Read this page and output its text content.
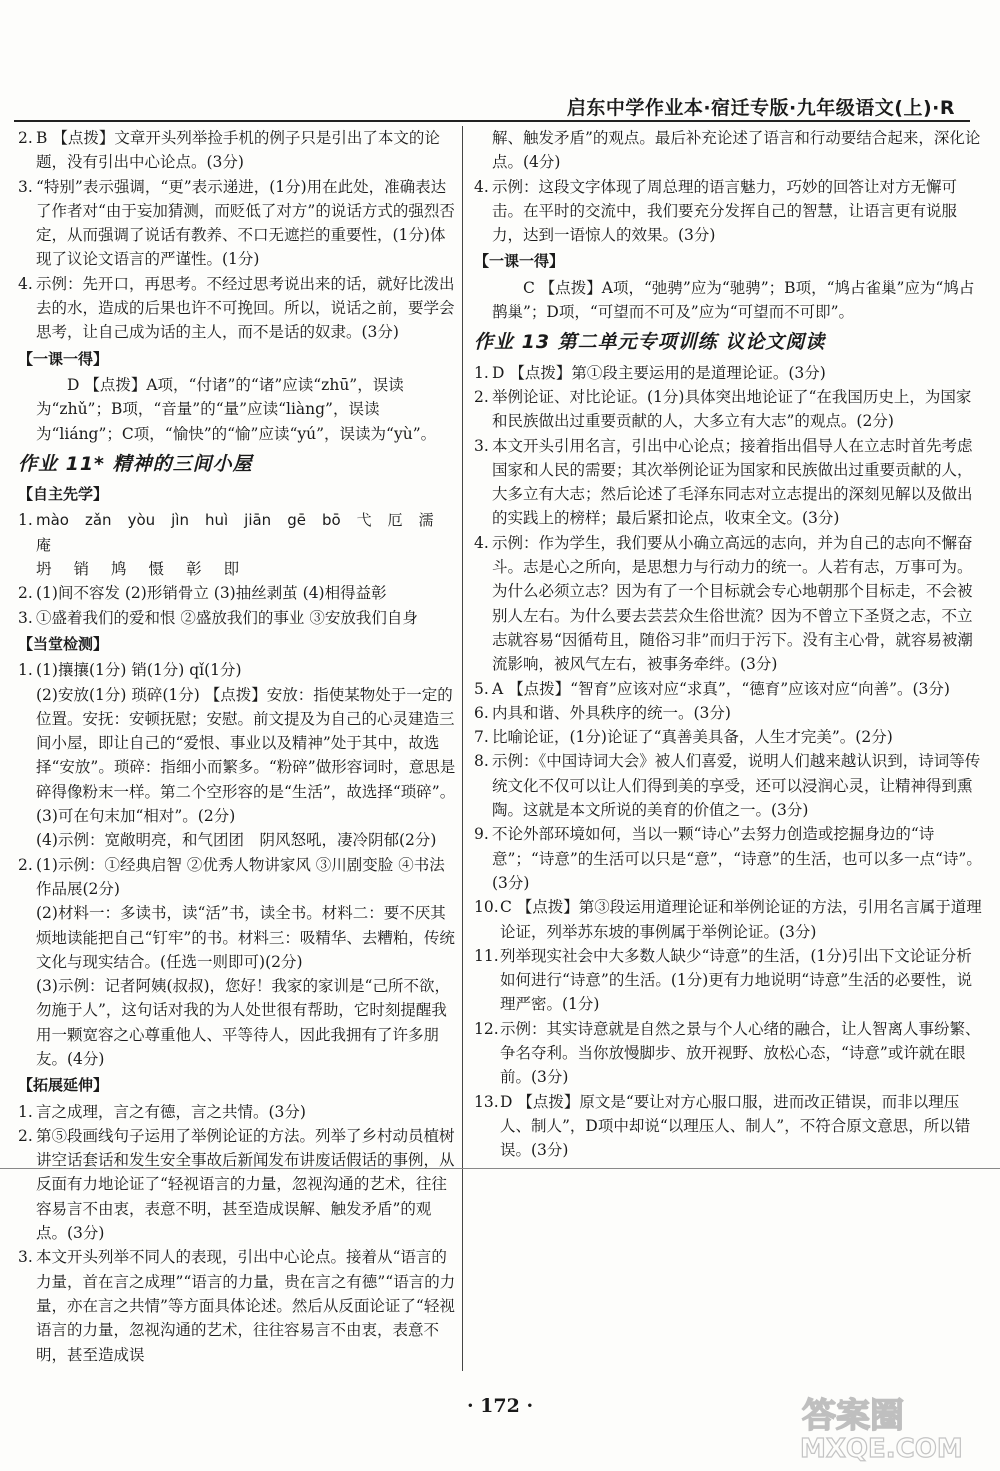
启东中学作业本·宿迁专版·九年级语文(上)·R
2. B 【点拨】文章开头列举捡手机的例子只是引出了本文的论题，没有引出中心论点。(3分)
3. “特别”表示强调，“更”表示递进，(1分)用在此处，准确表达了作者对“由于妄加猜测，而贬低了对方”的说话方式的强烈否定，从而强调了说话有教养、不口无遮拦的重要性，(1分)体现了议论文语言的严谨性。(1分)
4. 示例：先开口，再思考。不经过思考说出来的话，就好比泼出去的水，造成的后果也许不可挽回。所以，说话之前，要学会思考，让自己成为话的主人，而不是话的奴隶。(3分)
【一课一得】
D 【点拨】A项，“付诸”的“诸”应读“zhū”，误读为“zhǔ”；B项，“音量”的“量”应读“liàng”，误读为“liáng”；C项，“愉快”的“愉”应读“yú”，误读为“yù”。
作业 11* 精神的三间小屋
【自主先学】
1. mào zǎn yòu jìn huì jiān gē bō 弋 厄 濡
庵
坍 销 鸠 慑 彰 即
2. (1)间不容发 (2)形销骨立 (3)抽丝剥茧 (4)相得益彰
3. ①盛着我们的爱和恨 ②盛放我们的事业 ③安放我们自身
【当堂检测】
1. (1)攘攘(1分) 销(1分) qǐ(1分)
(2)安放(1分) 琐碎(1分) 【点拨】安放：指使某物处于一定的位置。安抚：安顿抚慰；安慰。前文提及为自己的心灵建造三间小屋，即让自己的“爱恨、事业以及精神”处于其中，故选择“安放”。琐碎：指细小而繁多。“粉碎”做形容词时，意思是碎得像粉末一样。第二个空形容的是“生活”，故选择“琐碎”。
(3)可在句末加“相对”。(2分)
(4)示例：宽敞明亮，和气团团　阴风怒吼，凄冷阴郁(2分)
2. (1)示例：①经典启智 ②优秀人物讲家风 ③川剧变脸 ④书法作品展(2分)
(2)材料一：多读书，读“活”书，读全书。材料二：要不厌其烦地读能把自己“钉牢”的书。材料三：吸精华、去糟粕，传统文化与现实结合。(任选一则即可)(2分)
(3)示例：记者阿姨(叔叔)，您好！我家的家训是“己所不欲，勿施于人”，这句话对我的为人处世很有帮助，它时刻提醒我用一颗宽容之心尊重他人、平等待人，因此我拥有了许多朋友。(4分)
【拓展延伸】
1. 言之成理，言之有德，言之共情。(3分)
2. 第⑤段画线句子运用了举例论证的方法。列举了乡村动员植树讲空话套话和发生安全事故后新闻发布讲废话假话的事例，从反面有力地论证了“轻视语言的力量，忽视沟通的艺术，往往容易言不由衷，表意不明，甚至造成误解、触发矛盾”的观点。(3分)
3. 本文开头列举不同人的表现，引出中心论点。接着从“语言的力量，首在言之成理”“语言的力量，贵在言之有德”“语言的力量，亦在言之共情”等方面具体论述。然后从反面论证了“轻视语言的力量，忽视沟通的艺术，往往容易言不由衷，表意不明，甚至造成误
解、触发矛盾”的观点。最后补充论述了语言和行动要结合起来，深化论点。(4分)
4. 示例：这段文字体现了周总理的语言魅力，巧妙的回答让对方无懈可击。在平时的交流中，我们要充分发挥自己的智慧，让语言更有说服力，达到一语惊人的效果。(3分)
【一课一得】
C 【点拨】A项，“弛骋”应为“驰骋”；B项，“鸠占雀巢”应为“鸠占鹊巢”；D项，“可望而不可及”应为“可望而不可即”。
作业 13 第二单元专项训练 议论文阅读
1. D 【点拨】第①段主要运用的是道理论证。(3分)
2. 举例论证、对比论证。(1分)具体突出地论证了“在我国历史上，为国家和民族做出过重要贡献的人，大多立有大志”的观点。(2分)
3. 本文开头引用名言，引出中心论点；接着指出倡导人在立志时首先考虑国家和人民的需要；其次举例论证为国家和民族做出过重要贡献的人，大多立有大志；然后论述了毛泽东同志对立志提出的深刻见解以及做出的实践上的榜样；最后紧扣论点，收束全文。(3分)
4. 示例：作为学生，我们要从小确立高远的志向，并为自己的志向不懈奋斗。志是心之所向，是思想力与行动力的统一。人若有志，万事可为。为什么必须立志？因为有了一个目标就会专心地朝那个目标走，不会被别人左右。为什么要去芸芸众生俗世流？因为不曾立下圣贤之志，不立志就容易“因循苟且，随俗习非”而归于污下。没有主心骨，就容易被潮流影响，被风气左右，被事务牵绊。(3分)
5. A 【点拨】“智育”应该对应“求真”，“德育”应该对应“向善”。(3分)
6. 内具和谐、外具秩序的统一。(3分)
7. 比喻论证，(1分)论证了“真善美具备，人生才完美”。(2分)
8. 示例：《中国诗词大会》被人们喜爱，说明人们越来越认识到，诗词等传统文化不仅可以让人们得到美的享受，还可以浸润心灵，让精神得到熏陶。这就是本文所说的美育的价值之一。(3分)
9. 不论外部环境如何，当以一颗“诗心”去努力创造或挖掘身边的“诗意”；“诗意”的生活可以只是“意”，“诗意”的生活，也可以多一点“诗”。(3分)
10. C 【点拨】第③段运用道理论证和举例论证的方法，引用名言属于道理论证，列举苏东坡的事例属于举例论证。(3分)
11. 列举现实社会中大多数人缺少“诗意”的生活，(1分)引出下文论证分析如何进行“诗意”的生活。(1分)更有力地说明“诗意”生活的必要性，说理严密。(1分)
12. 示例：其实诗意就是自然之景与个人心绪的融合，让人智离人事纷繁、争名夺利。当你放慢脚步、放开视野、放松心态，“诗意”或许就在眼前。(3分)
13. D 【点拨】原文是“要让对方心服口服，进而改正错误，而非以理压人、制人”，D项中却说“以理压人、制人”，不符合原文意思，所以错误。(3分)
· 172 ·	答案圈
MXQE.COM
